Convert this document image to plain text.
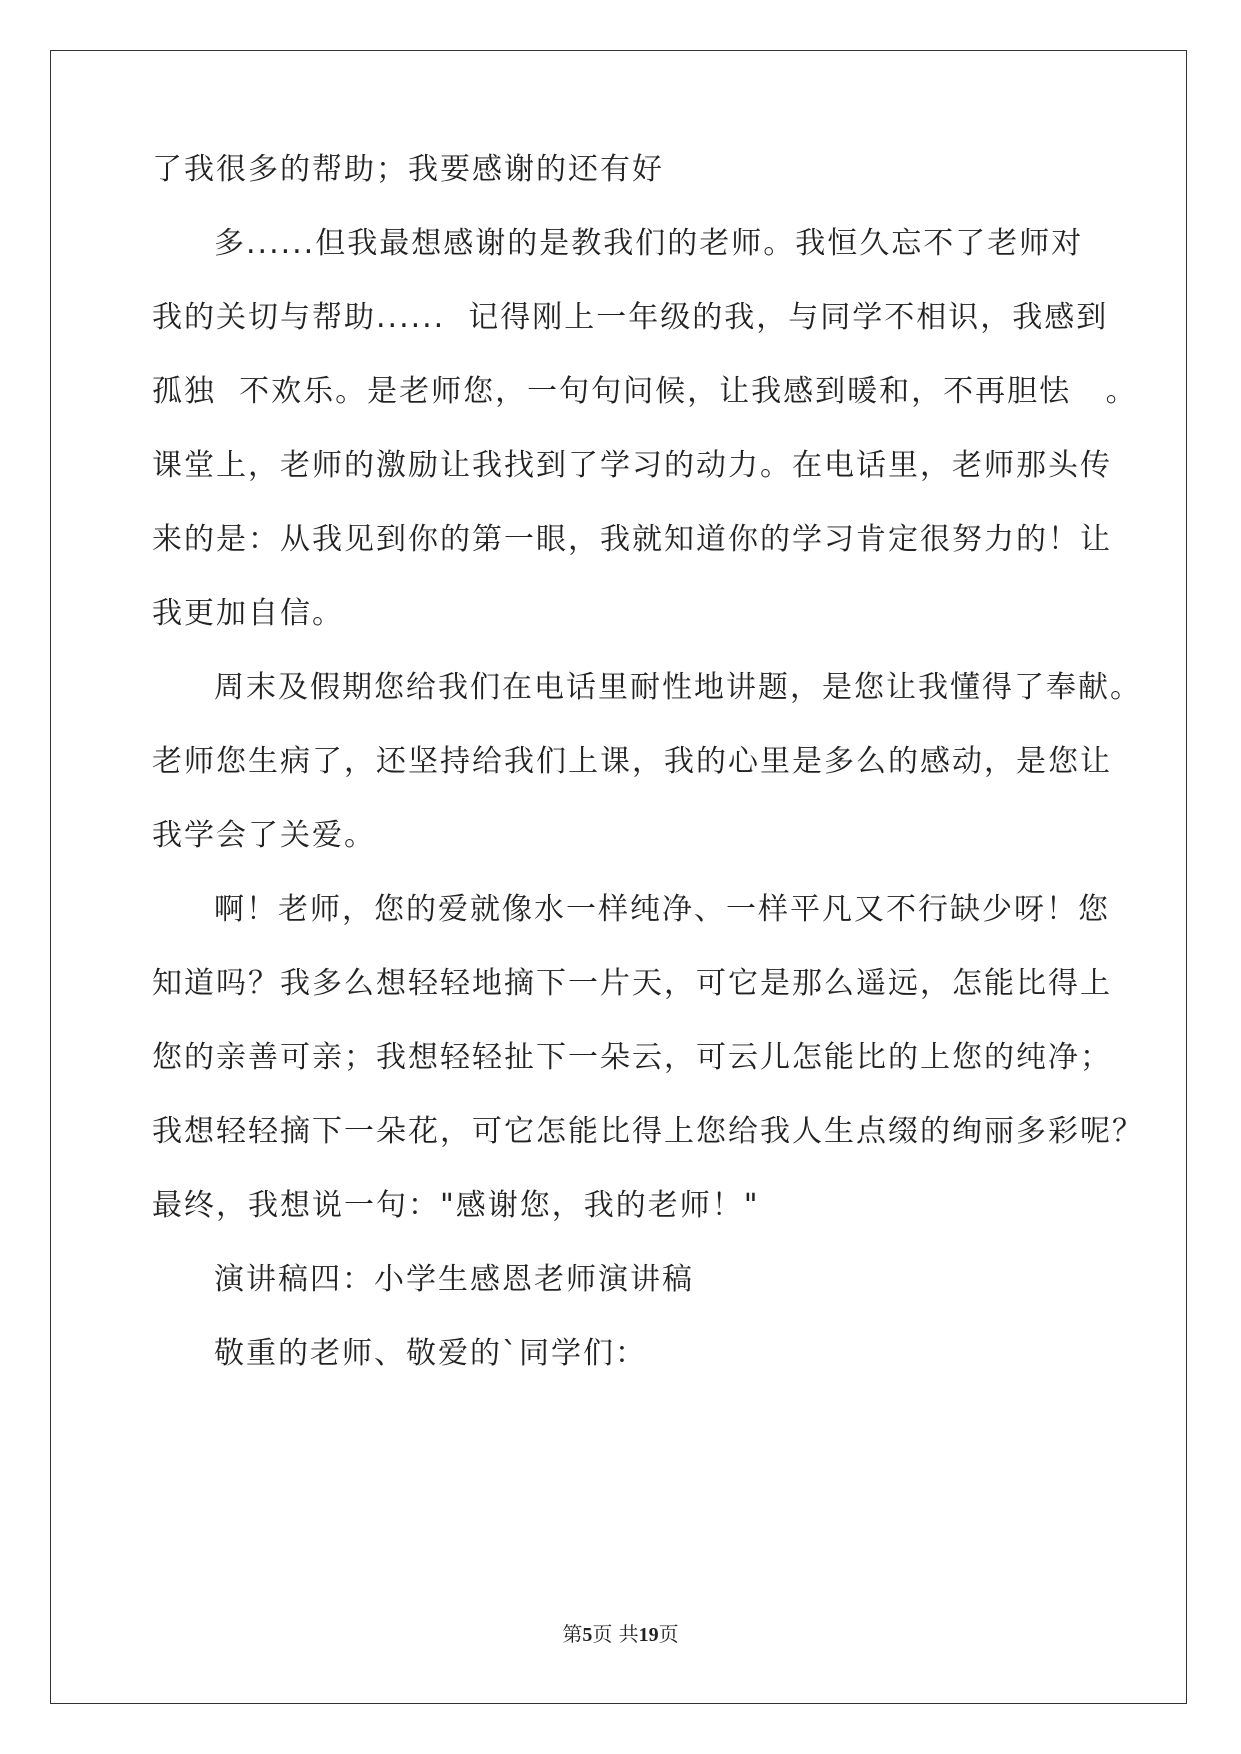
了我很多的帮助；我要感谢的还有好
多......但我最想感谢的是教我们的老师。我恒久忘不了老师对
我的关切与帮助......  记得刚上一年级的我，与同学不相识，我感到
孤独  不欢乐。是老师您，一句句问候，让我感到暖和，不再胆怯   。
课堂上，老师的激励让我找到了学习的动力。在电话里，老师那头传
来的是：从我见到你的第一眼，我就知道你的学习肯定很努力的！让
我更加自信。
周末及假期您给我们在电话里耐性地讲题，是您让我懂得了奉献。
老师您生病了，还坚持给我们上课，我的心里是多么的感动，是您让
我学会了关爱。
啊！老师，您的爱就像水一样纯净、一样平凡又不行缺少呀！您
知道吗？我多么想轻轻地摘下一片天，可它是那么遥远，怎能比得上
您的亲善可亲；我想轻轻扯下一朵云，可云儿怎能比的上您的纯净；
我想轻轻摘下一朵花，可它怎能比得上您给我人生点缀的绚丽多彩呢？
最终，我想说一句："感谢您，我的老师！"
演讲稿四：小学生感恩老师演讲稿
敬重的老师、敬爱的`同学们：
第5页 共19页
